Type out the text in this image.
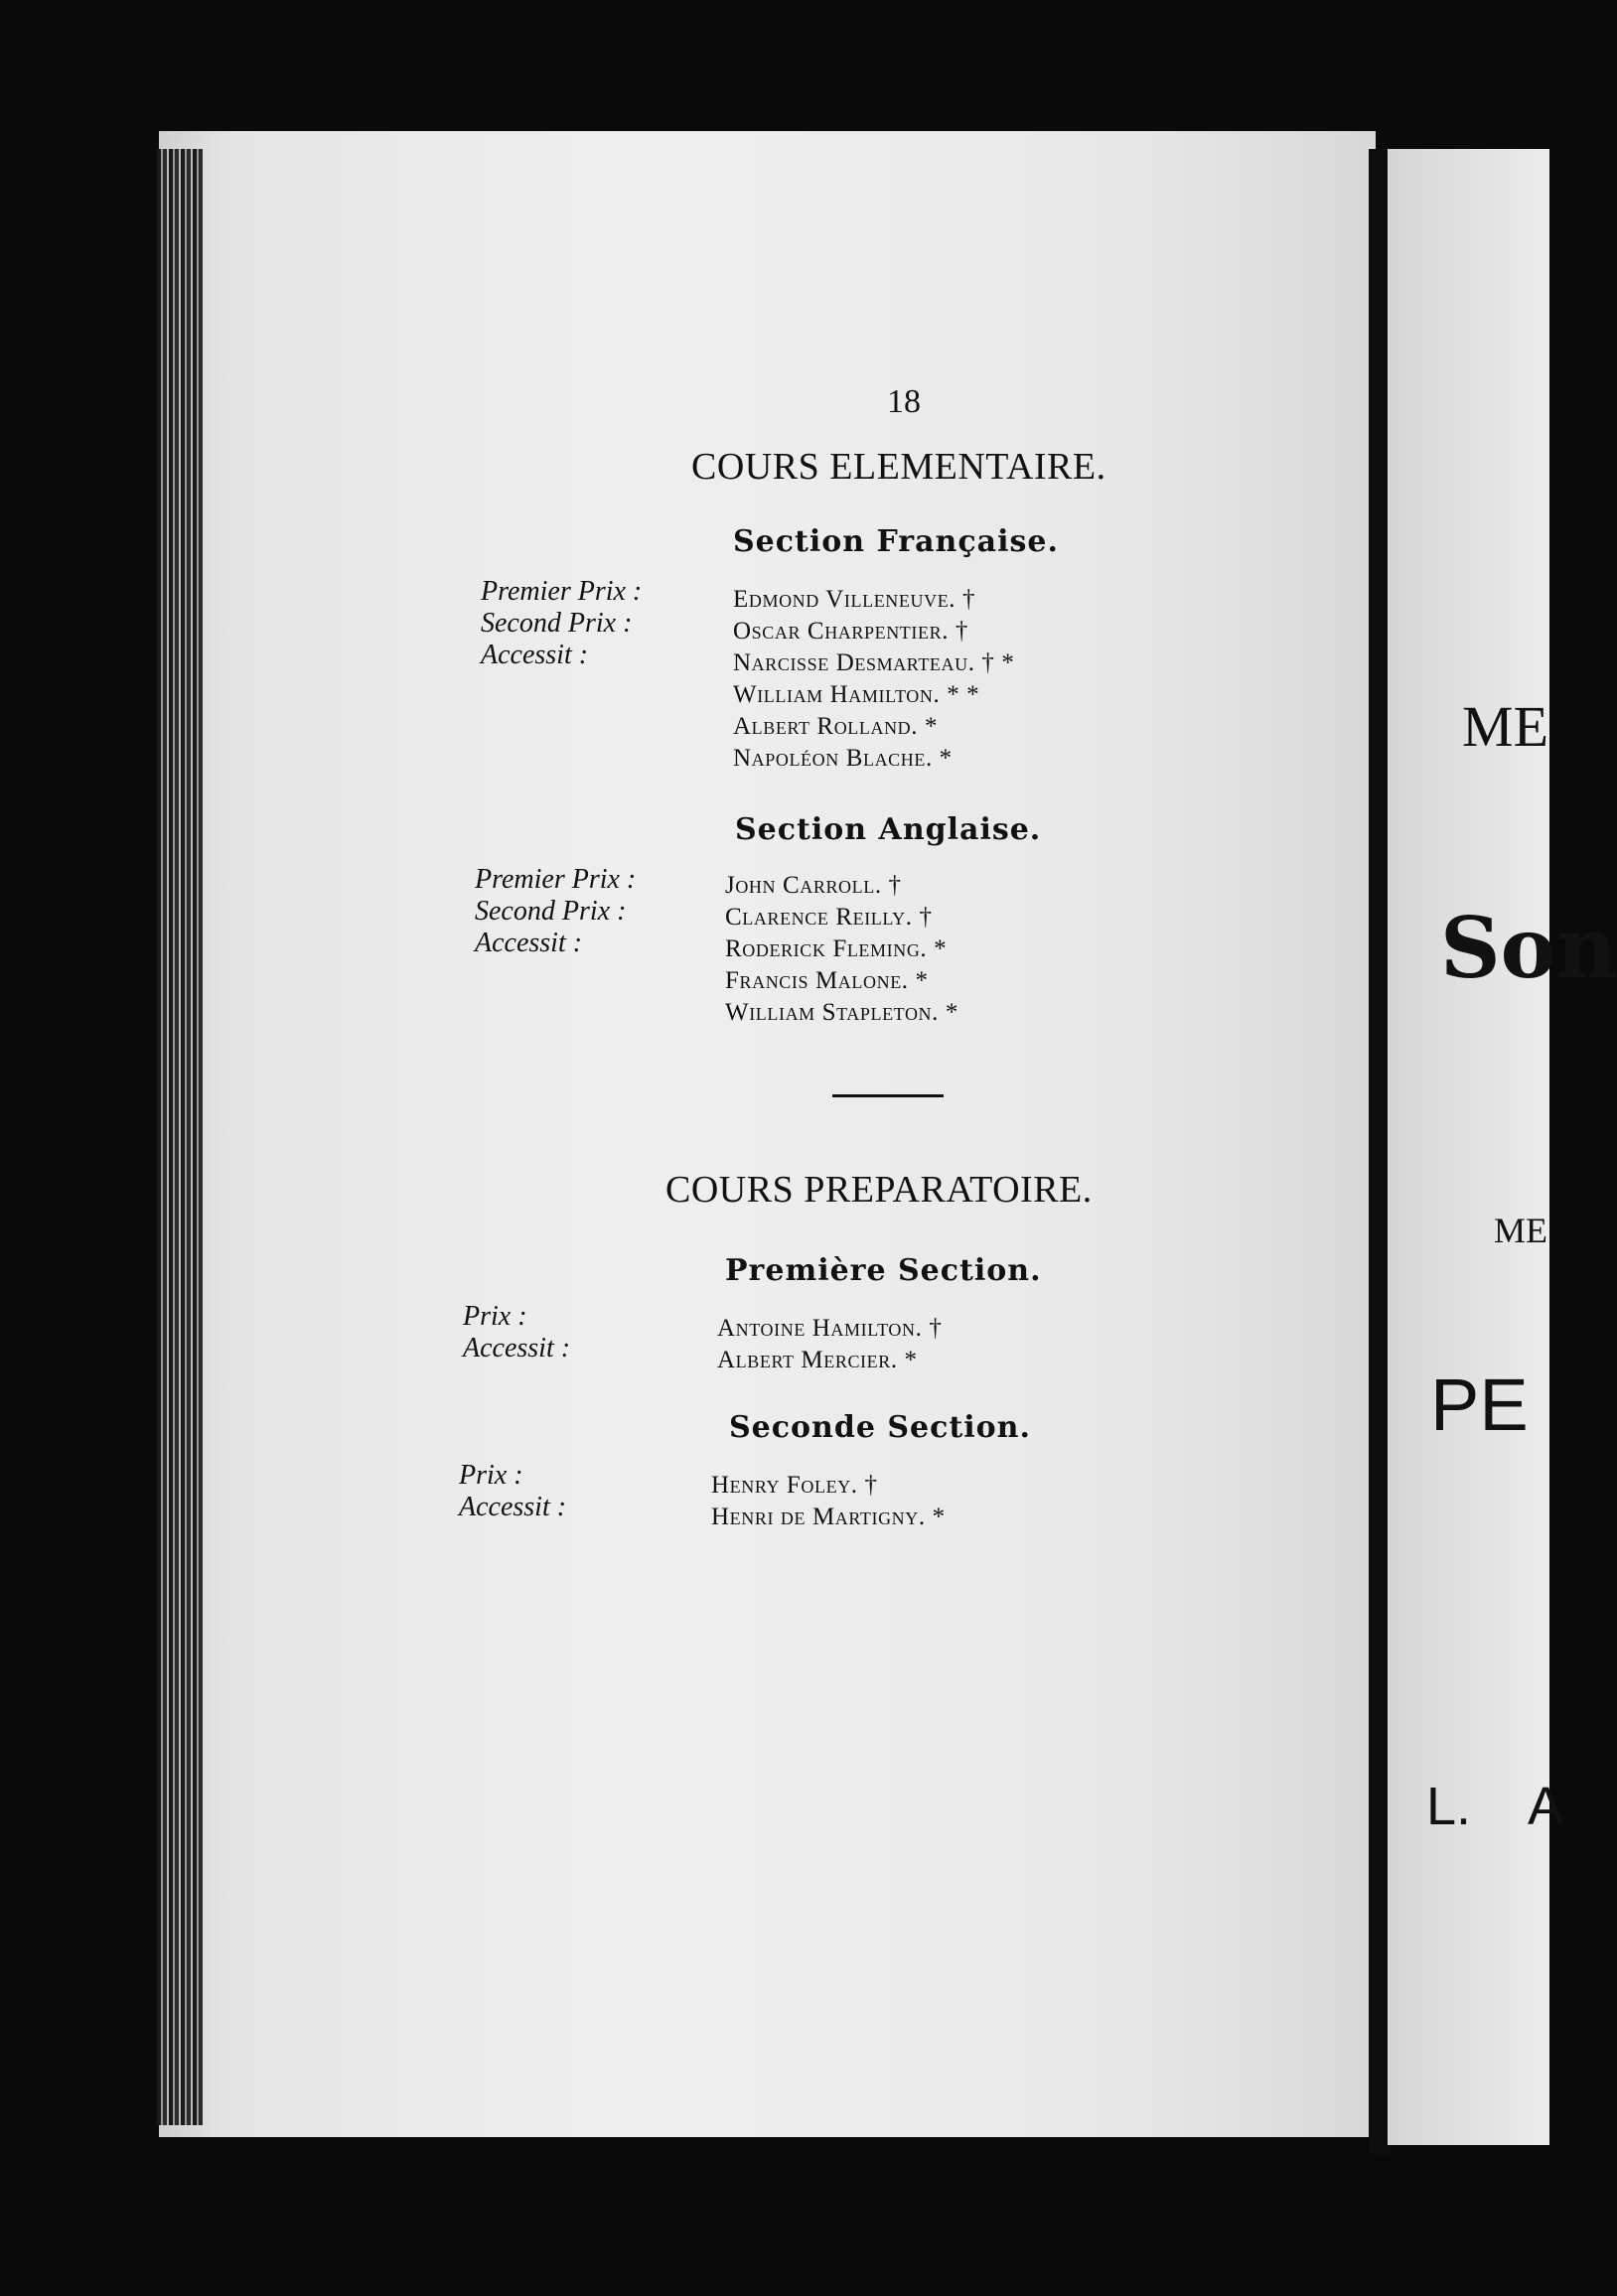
18
COURS ELEMENTAIRE.
Section Française.
Premier Prix :
Second Prix :
Accessit :
Edmond Villeneuve. †
Oscar Charpentier. †
Narcisse Desmarteau. † *
William Hamilton. * *
Albert Rolland. *
Napoléon Blache. *
Section Anglaise.
Premier Prix :
Second Prix :
Accessit :
John Carroll. †
Clarence Reilly. †
Roderick Fleming. *
Francis Malone. *
William Stapleton. *
COURS PREPARATOIRE.
Première Section.
Prix :
Accessit :
Antoine Hamilton. †
Albert Mercier. *
Seconde Section.
Prix :
Accessit :
Henry Foley. †
Henri de Martigny. *
ME
Son
ME
PE
L. A
